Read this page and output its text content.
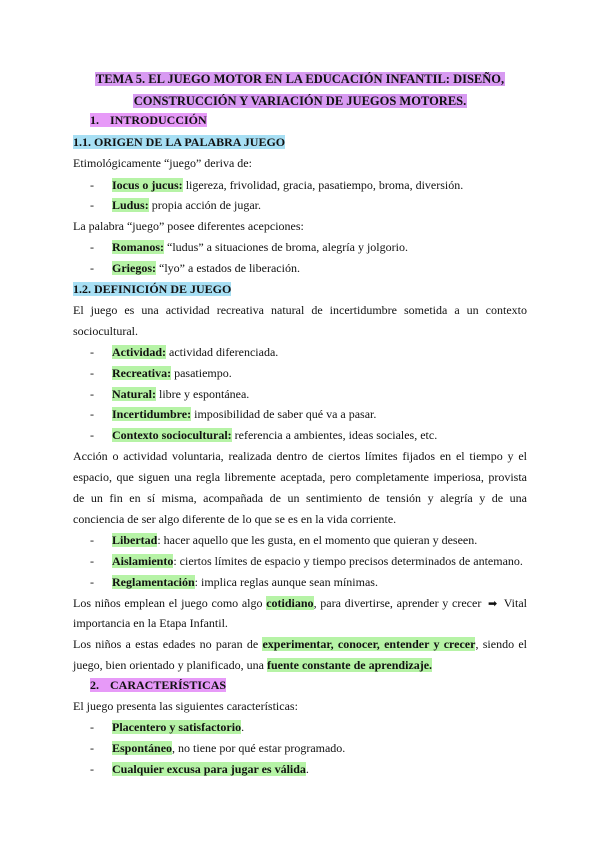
TEMA 5. EL JUEGO MOTOR EN LA EDUCACIÓN INFANTIL: DISEÑO,
CONSTRUCCIÓN Y VARIACIÓN DE JUEGOS MOTORES.
1. INTRODUCCIÓN
1.1. ORIGEN DE LA PALABRA JUEGO
Etimológicamente “juego” deriva de:
- Iocus o jucus: ligereza, frivolidad, gracia, pasatiempo, broma, diversión.
- Ludus: propia acción de jugar.
La palabra “juego” posee diferentes acepciones:
- Romanos: “ludus” a situaciones de broma, alegría y jolgorio.
- Griegos: “lyo” a estados de liberación.
1.2. DEFINICIÓN DE JUEGO
El juego es una actividad recreativa natural de incertidumbre sometida a un contexto
sociocultural.
- Actividad: actividad diferenciada.
- Recreativa: pasatiempo.
- Natural: libre y espontánea.
- Incertidumbre: imposibilidad de saber qué va a pasar.
- Contexto sociocultural: referencia a ambientes, ideas sociales, etc.
Acción o actividad voluntaria, realizada dentro de ciertos límites fijados en el tiempo y el
espacio, que siguen una regla libremente aceptada, pero completamente imperiosa, provista
de un fin en sí misma, acompañada de un sentimiento de tensión y alegría y de una
conciencia de ser algo diferente de lo que se es en la vida corriente.
- Libertad: hacer aquello que les gusta, en el momento que quieran y deseen.
- Aislamiento: ciertos límites de espacio y tiempo precisos determinados de antemano.
- Reglamentación: implica reglas aunque sean mínimas.
Los niños emplean el juego como algo cotidiano, para divertirse, aprender y crecer ➡ Vital
importancia en la Etapa Infantil.
Los niños a estas edades no paran de experimentar, conocer, entender y crecer, siendo el
juego, bien orientado y planificado, una fuente constante de aprendizaje.
2. CARACTERÍSTICAS
El juego presenta las siguientes características:
- Placentero y satisfactorio.
- Espontáneo, no tiene por qué estar programado.
- Cualquier excusa para jugar es válida.
